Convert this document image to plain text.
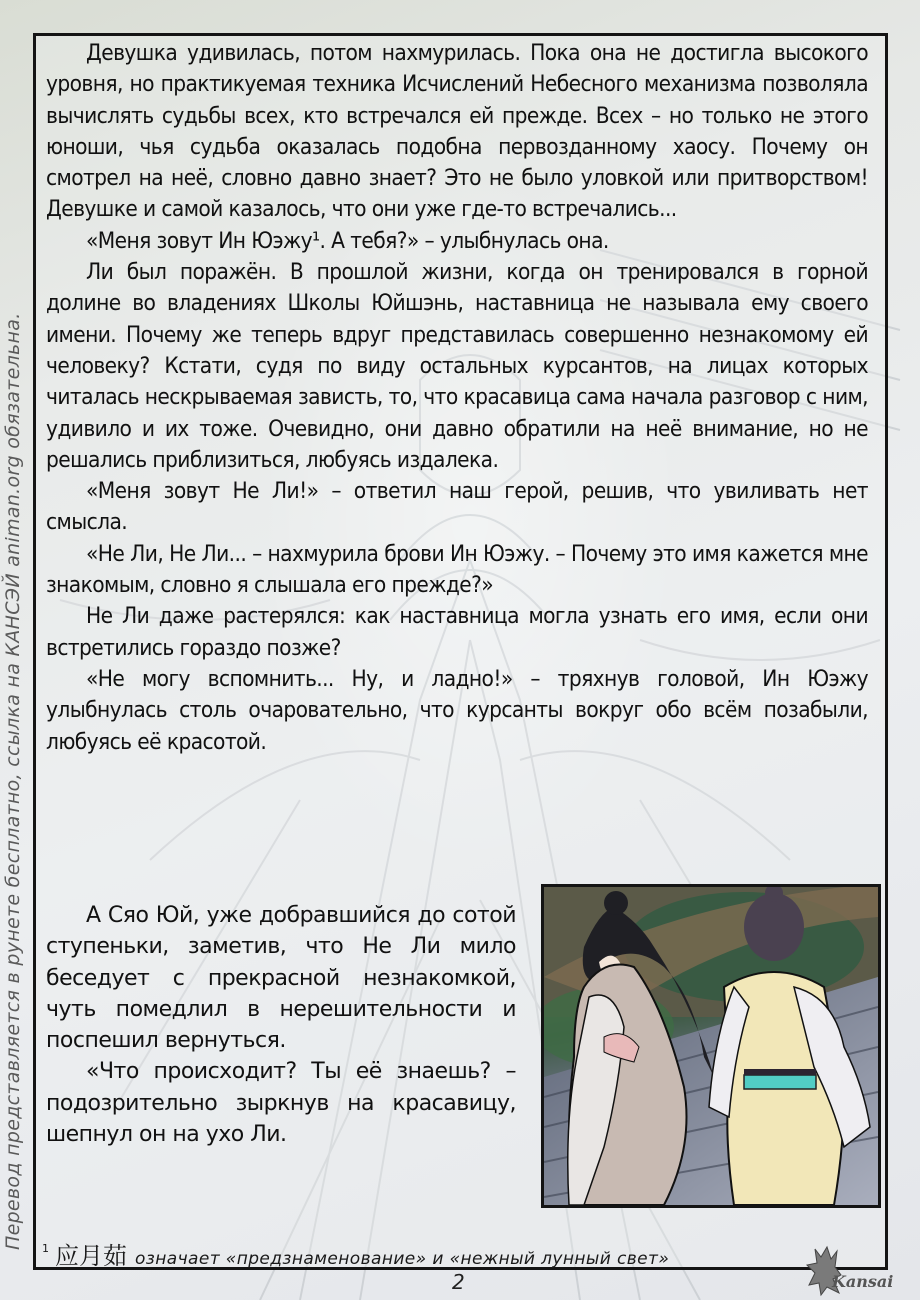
Перевод представляется в рунете бесплатно, ссылка на КАНСЭЙ animan.org обязательна.

Девушка удивилась, потом нахмурилась. Пока она не достигла высокого уровня, но практикуемая техника Исчислений Небесного механизма позволяла вычислять судьбы всех, кто встречался ей прежде. Всех – но только не этого юноши, чья судьба оказалась подобна первозданному хаосу. Почему он смотрел на неё, словно давно знает? Это не было уловкой или притворством! Девушке и самой казалось, что они уже где-то встречались...

«Меня зовут Ин Юэжу¹. А тебя?» – улыбнулась она.

Ли был поражён. В прошлой жизни, когда он тренировался в горной долине во владениях Школы Юйшэнь, наставница не называла ему своего имени. Почему же теперь вдруг представилась совершенно незнакомому ей человеку? Кстати, судя по виду остальных курсантов, на лицах которых читалась нескрываемая зависть, то, что красавица сама начала разговор с ним, удивило и их тоже. Очевидно, они давно обратили на неё внимание, но не решались приблизиться, любуясь издалека.

«Меня зовут Не Ли!» – ответил наш герой, решив, что увиливать нет смысла.

«Не Ли, Не Ли... – нахмурила брови Ин Юэжу. – Почему это имя кажется мне знакомым, словно я слышала его прежде?»

Не Ли даже растерялся: как наставница могла узнать его имя, если они встретились гораздо позже?

«Не могу вспомнить... Ну, и ладно!» – тряхнув головой, Ин Юэжу улыбнулась столь очаровательно, что курсанты вокруг обо всём позабыли, любуясь её красотой.

А Сяо Юй, уже добравшийся до сотой ступеньки, заметив, что Не Ли мило беседует с прекрасной незнакомкой, чуть помедлил в нерешительности и поспешил вернуться.

«Что происходит? Ты её знаешь? – подозрительно зыркнув на красавицу, шепнул он на ухо Ли.

$^1$ 应月茹 означает «предзнаменование» и «нежный лунный свет»
2	Kansai
